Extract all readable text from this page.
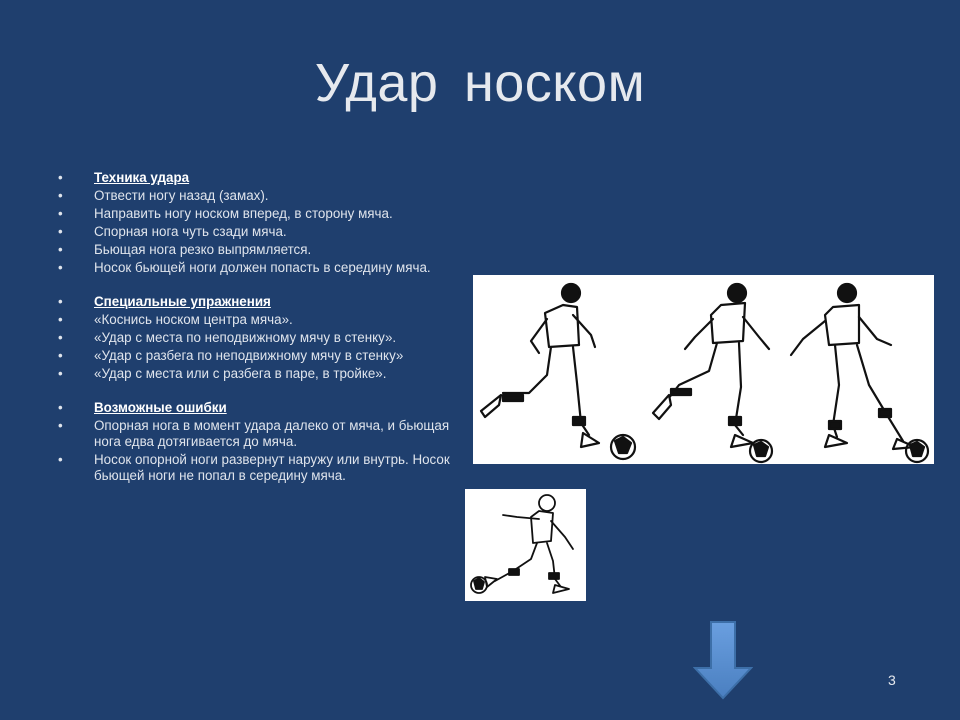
Удар носком
•	Техника удара
•	Отвести ногу назад (замах).
•	Направить ногу носком вперед, в сторону мяча.
•	Спорная нога чуть сзади мяча.
•	Бьющая нога резко выпрямляется.
•	Носок бьющей ноги должен попасть в середину мяча.
•	Специальные упражнения
•	«Коснись носком центра мяча».
•	«Удар с места по неподвижному мячу в стенку».
•	«Удар с разбега по неподвижному мячу в стенку»
•	«Удар с места или с разбега в паре, в тройке».
•	Возможные ошибки
•	Опорная нога в момент удара далеко от мяча, и бьющая нога едва дотягивается до мяча.
•	Носок опорной ноги развернут наружу или внутрь. Носок бьющей ноги не попал в середину мяча.
3
